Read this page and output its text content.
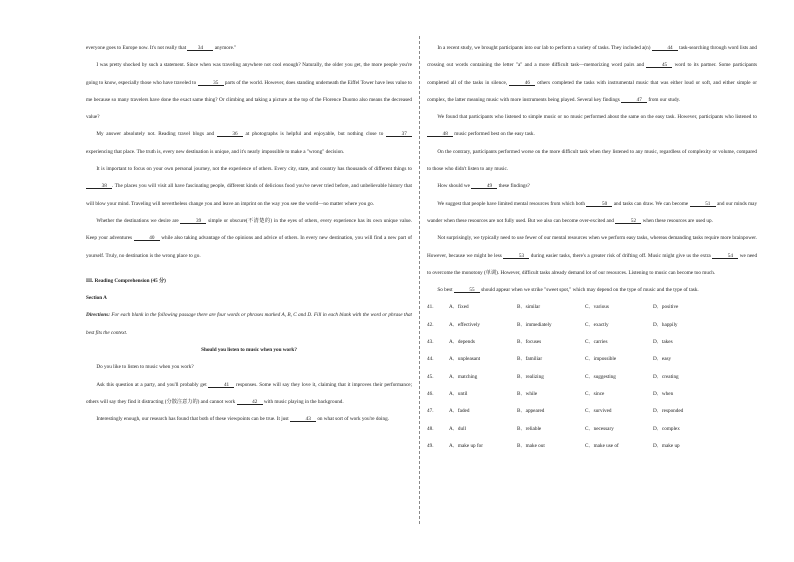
everyone goes to Europe now. It's not really that 34 anymore."

I was pretty shocked by such a statement. Since when was traveling anywhere not cool enough? Naturally, the older you get, the more people you're going to know, especially those who have traveled to	35 parts of the world. However, does standing underneath the Eiffel Tower have less value to me because so many travelers have done the exact same thing? Or climbing and taking a picture at the top of the Florence Duomo also means the decreased value?

My answer absolutely not. Reading travel blogs and	36 at photographs is helpful and enjoyable, but nothing close to	37 experiencing that place. The truth is, every new destination is unique, and it's nearly impossible to make a "wrong" decision.

It is important to focus on your own personal journey, not the experience of others. Every city, state, and country has thousands of different things to 38 . The places you will visit all have fascinating people, different kinds of delicious food you've never tried before, and unbelievable history that will blow your mind. Traveling will nevertheless change you and leave an imprint on the way you see the world—no matter where you go.

Whether the destinations we desire are	39 simple or obscure(不清楚的) in the eyes of others, every experience has its own unique value. Keep your adventures	40 while also taking advantage of the opinions and advice of others. In every new destination, you will find a new part of yourself. Truly, no destination is the wrong place to go.

III. Reading Comprehension (45 分)

Section A

Directions: For each blank in the following passage there are four words or phrases marked A, B, C and D. Fill in each blank with the word or phrase that best fits the context.

Should you listen to music when you work?

Do you like to listen to music when you work?

Ask this question at a party, and you'll probably get	41 responses. Some will say they love it, claiming that it improves their performance; others will say they find it distracting (分散注意力的) and cannot work	42 with music playing in the background.

Interestingly enough, our research has found that both of these viewpoints can be true. It just	43 on what sort of work you're doing.

In a recent study, we brought participants into our lab to perform a variety of tasks. They included a(n)	44 task-searching through word lists and crossing out words containing the letter "a" and a more difficult task—memorizing word pairs and	45 word to its partner. Some participants completed all of the tasks in silence,	46 others completed the tasks with instrumental music that was either loud or soft, and either simple or complex, the latter meaning music with more instruments being played. Several key findings	47 from our study.

We found that participants who listened to simple music or no music performed about the same on the easy task. However, participants who listened to 48 music performed best on the easy task.

On the contrary, participants performed worse on the more difficult task when they listened to any music, regardless of complexity or volume, compared to those who didn't listen to any music.

How should we	49 these findings?

We suggest that people have limited mental resources from which both	50 and tasks can draw. We can become	51 and our minds may wander when these resources are not fully used. But we also can become over-excited and	52 when these resources are used up.

Not surprisingly, we typically need to use fewer of our mental resources when we perform easy tasks, whereas demanding tasks require more brainpower. However, because we might be less	53 during easier tasks, there's a greater risk of drifting off. Music might give us the extra	54 we need to overcome the monotony (单调). However, difficult tasks already demand lot of our resources. Listening to music can become too much.

So best	55 should appear when we strike "sweet spot," which may depend on the type of music and the type of task.

41.	A．fixed	B．similar	C．various	D．positive
42.	A．effectively	B．immediately	C．exactly	D．happily
43.	A．depends	B．focuses	C．carries	D．takes
44.	A．unpleasant	B．familiar	C．impossible	D．easy
45.	A．matching	B．realizing	C．suggesting	D．creating
46.	A．until	B．while	C．since	D．when
47.	A．faded	B．appeared	C．survived	D．responded
48.	A．dull	B．reliable	C．necessary	D．complex
49.	A．make up for	B．make out	C．make use of	D．make up
